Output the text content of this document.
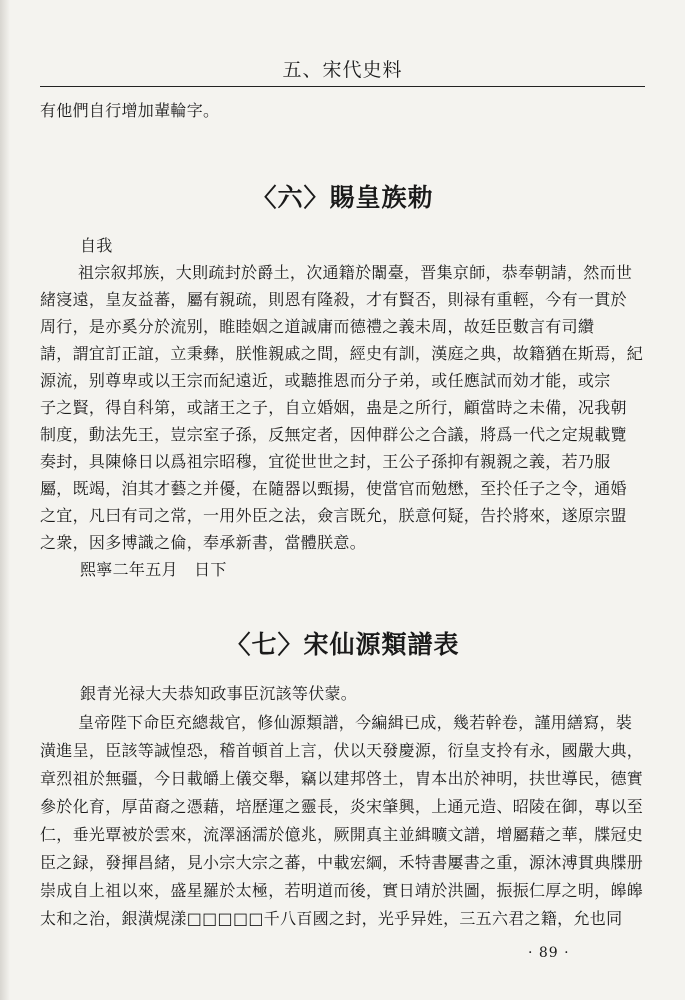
五、宋代史料
有他們自行增加輩輪字。
〈六〉賜皇族勅
自我
祖宗叙邦族，大則疏封於爵土，次通籍於闈臺，晋集京師，恭奉朝請，然而世
緒寖遠，皇友益蕃，屬有親疏，則恩有隆殺，才有賢否，則禄有重輕，今有一貫於
周行，是亦奚分於流别，睢睦姻之道誠庸而德禮之義未周，故廷臣數言有司纘
請，謂宜訂正誼，立秉彝，朕惟親戚之間，經史有訓，漢庭之典，故籍猶在斯焉，紀
源流，别尊卑或以王宗而紀遠近，或聽推恩而分子弟，或任應試而効才能，或宗
子之賢，得自科第，或諸王之子，自立婚姻，蛊是之所行，顧當時之未備，况我朝
制度，動法先王，豈宗室子孫，反無定者，因伸群公之合議，將爲一代之定規載覽
奏封，具陳條日以爲祖宗昭穆，宜從世世之封，王公子孫抑有親親之義，若乃服
屬，既竭，洎其才藝之并優，在隨器以甄揚，使當官而勉懋，至扵任子之令，通婚
之宜，凡曰有司之常，一用外臣之法，僉言既允，朕意何疑，告扵將來，遂原宗盟
之衆，因多博識之倫，奉承新書，當體朕意。
熙寧二年五月　日下
〈七〉宋仙源類譜表
銀青光禄大夫恭知政事臣沉該等伏蒙。
皇帝陛下命臣充總裁官，修仙源類譜，今編緝已成，幾若幹卷，謹用繕寫，裝
潢進呈，臣該等誠惶恐，稽首頓首上言，伏以天發慶源，衍皇支拎有永，國嚴大典，
章烈祖於無疆，今日載皭上儀交舉，竊以建邦啓土，胄本出於神明，扶世導民，德實
參於化育，厚苗裔之憑藉，培歷運之靈長，炎宋肇興，上通元造、昭陵在御，專以至
仁，垂光覃被於雲來，流澤涵濡於億兆，厥開真主並緝曠文譜，增屬藉之華，牒冠史
臣之録，發揮昌緒，見小宗大宗之蕃，中載宏綱，禾特書屢書之重，源沐溥貫典牒册
崇成自上祖以來，盛星羅於太極，若明道而後，實日靖於洪圖，振振仁厚之明，皞皞
太和之治，銀潢熀漾□□□□□千八百國之封，光乎异姓，三五六君之籍，允也同
· 89 ·
